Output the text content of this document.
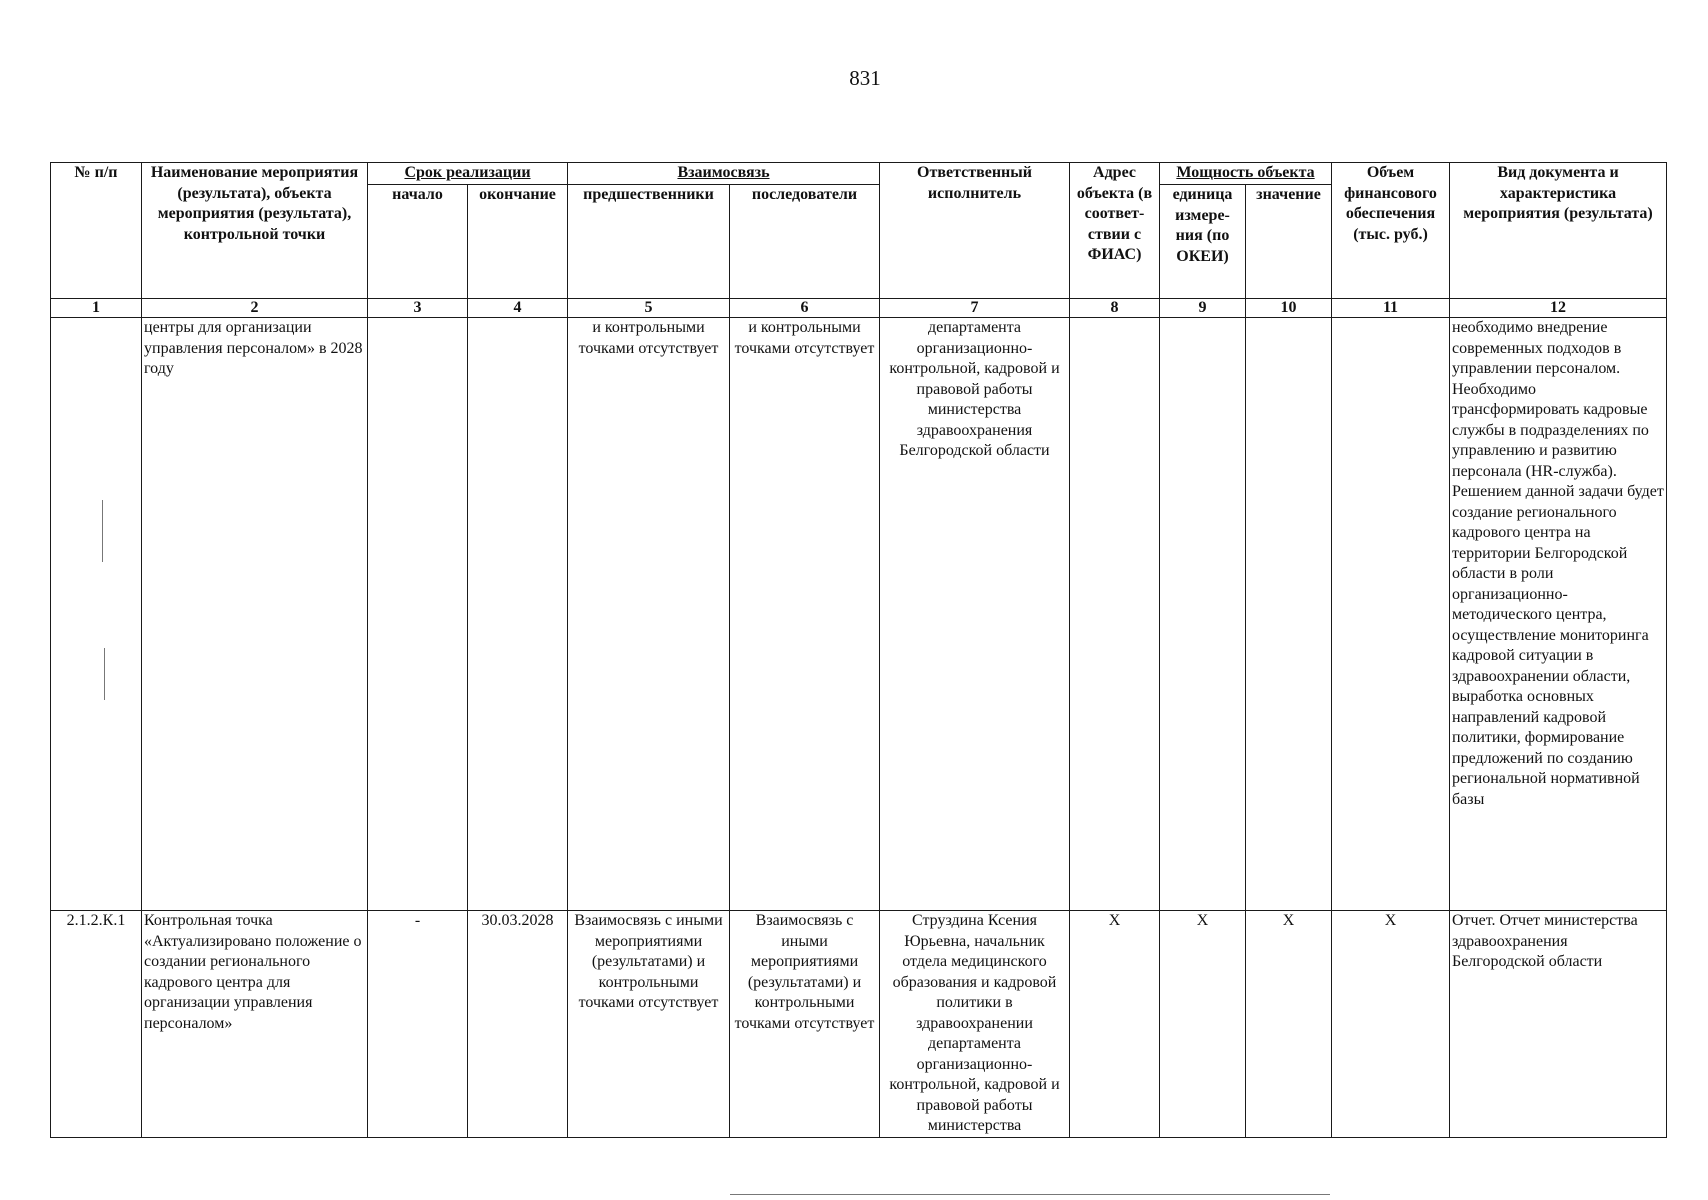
831
№ п/п	Наименование мероприятия (результата), объекта мероприятия (результата), контрольной точки	Срок реализации		Взаимосвязь		Ответственный исполнитель	Адрес объекта (в соответ- ствии с ФИАС)	Мощность объекта		Объем финансового обеспечения (тыс. руб.)	Вид документа и характеристика мероприятия (результата)
		начало	окончание	предшественники	последователи			единица измере- ния (по ОКЕИ)	значение		
1	2	3	4	5	6	7	8	9	10	11	12
	центры для организации управления персоналом» в 2028 году			и контрольными точками отсутствует	и контрольными точками отсутствует	департамента организационно-контрольной, кадровой и правовой работы министерства здравоохранения Белгородской области					необходимо внедрение современных подходов в управлении персоналом. Необходимо трансформировать кадровые службы в подразделениях по управлению и развитию персонала (HR-служба). Решением данной задачи будет создание регионального кадрового центра на территории Белгородской области в роли организационно-методического центра, осуществление мониторинга кадровой ситуации в здравоохранении области, выработка основных направлений кадровой политики, формирование предложений по созданию региональной нормативной базы
2.1.2.К.1	Контрольная точка «Актуализировано положение о создании регионального кадрового центра для организации управления персоналом»	-	30.03.2028	Взаимосвязь с иными мероприятиями (результатами) и контрольными точками отсутствует	Взаимосвязь с иными мероприятиями (результатами) и контрольными точками отсутствует	Струздина Ксения Юрьевна, начальник отдела медицинского образования и кадровой политики в здравоохранении департамента организационно-контрольной, кадровой и правовой работы министерства	X	X	X	X	Отчет. Отчет министерства здравоохранения Белгородской области
